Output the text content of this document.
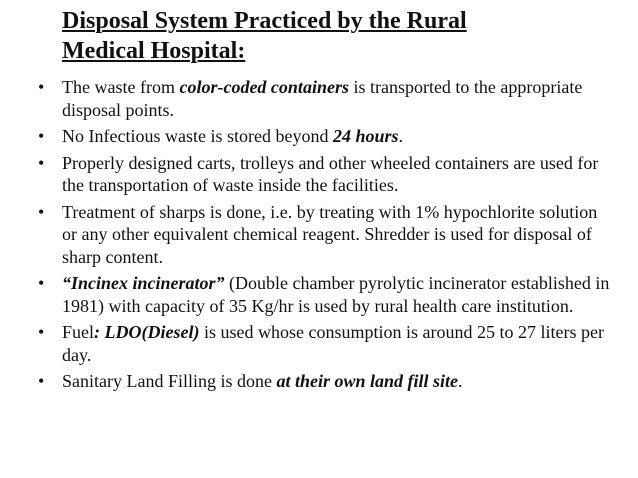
Disposal System Practiced by the Rural
Medical Hospital:
• The waste from color-coded containers is transported to the appropriate disposal points.
• No Infectious waste is stored beyond 24 hours.
• Properly designed carts, trolleys and other wheeled containers are used for the transportation of waste inside the facilities.
• Treatment of sharps is done, i.e. by treating with 1% hypochlorite solution or any other equivalent chemical reagent. Shredder is used for disposal of sharp content.
• “Incinex incinerator” (Double chamber pyrolytic incinerator established in 1981) with capacity of 35 Kg/hr is used by rural health care institution.
• Fuel: LDO(Diesel) is used whose consumption is around 25 to 27 liters per day.
• Sanitary Land Filling is done at their own land fill site.
